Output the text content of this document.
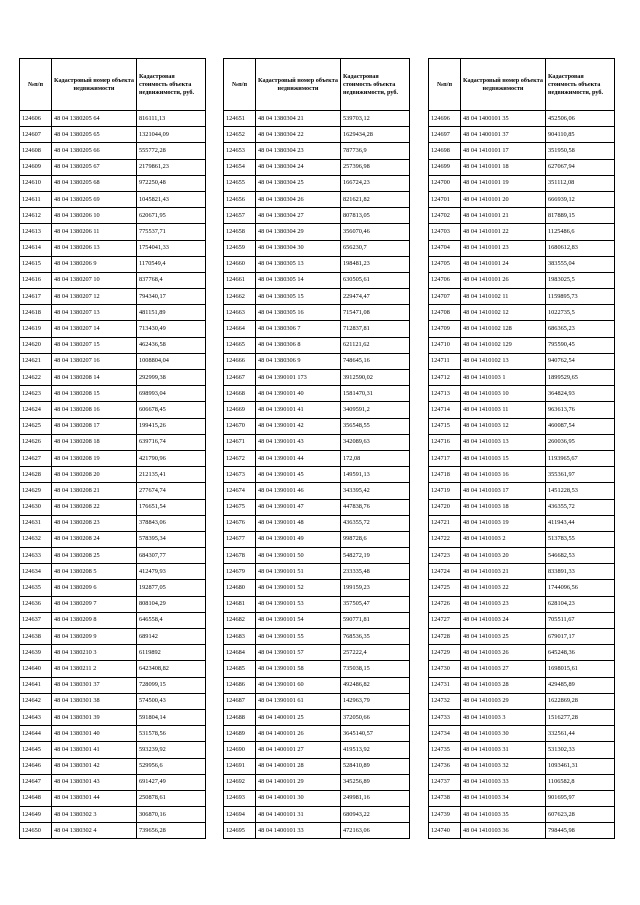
№п/п	Кадастровый номер объекта недвижимости	Кадастровая стоимость объекта недвижимости, руб.
124606	48 04 1380205 64	816111,13
124607	48 04 1380205 65	1321044,09
124608	48 04 1380205 66	555772,28
124609	48 04 1380205 67	2179861,23
124610	48 04 1380205 68	972250,48
124611	48 04 1380205 69	1045821,43
124612	48 04 1380206 10	620671,95
124613	48 04 1380206 11	775537,71
124614	48 04 1380206 13	1754041,33
124615	48 04 1380206 9	1170549,4
124616	48 04 1380207 10	837768,4
124617	48 04 1380207 12	794340,17
124618	48 04 1380207 13	481151,89
124619	48 04 1380207 14	713430,49
124620	48 04 1380207 15	462436,58
124621	48 04 1380207 16	1008804,04
124622	48 04 1380208 14	292999,38
124623	48 04 1380208 15	698993,04
124624	48 04 1380208 16	606678,45
124625	48 04 1380208 17	199415,26
124626	48 04 1380208 18	639716,74
124627	48 04 1380208 19	421790,96
124628	48 04 1380208 20	212135,41
124629	48 04 1380208 21	277674,74
124630	48 04 1380208 22	176651,54
124631	48 04 1380208 23	378843,06
124632	48 04 1380208 24	578395,34
124633	48 04 1380208 25	684307,77
124634	48 04 1380208 5	412479,93
124635	48 04 1380209 6	192877,05
124636	48 04 1380209 7	808104,29
124637	48 04 1380209 8	646558,4
124638	48 04 1380209 9	689142
124639	48 04 1380210 3	6119892
124640	48 04 1380211 2	6423408,82
124641	48 04 1380301 37	728099,15
124642	48 04 1380301 38	574500,43
124643	48 04 1380301 39	591804,14
124644	48 04 1380301 40	531578,56
124645	48 04 1380301 41	593239,92
124646	48 04 1380301 42	529956,6
124647	48 04 1380301 43	691427,49
124648	48 04 1380301 44	250878,61
124649	48 04 1380302 3	306870,16
124650	48 04 1380302 4	739656,28
№п/п	Кадастровый номер объекта недвижимости	Кадастровая стоимость объекта недвижимости, руб.
124651	48 04 1380304 21	539703,12
124652	48 04 1380304 22	1629434,28
124653	48 04 1380304 23	787736,9
124654	48 04 1380304 24	257396,98
124655	48 04 1380304 25	166724,23
124656	48 04 1380304 26	821621,82
124657	48 04 1380304 27	807813,05
124658	48 04 1380304 29	356070,46
124659	48 04 1380304 30	656230,7
124660	48 04 1380305 13	198481,23
124661	48 04 1380305 14	630505,61
124662	48 04 1380305 15	229474,47
124663	48 04 1380305 16	715471,08
124664	48 04 1380306 7	712837,81
124665	48 04 1380306 8	621121,62
124666	48 04 1380306 9	748645,16
124667	48 04 1390101 173	3912590,02
124668	48 04 1390101 40	1581470,31
124669	48 04 1390101 41	3409591,2
124670	48 04 1390101 42	356548,55
124671	48 04 1390101 43	342089,63
124672	48 04 1390101 44	172,08
124673	48 04 1390101 45	149591,13
124674	48 04 1390101 46	343395,42
124675	48 04 1390101 47	447838,76
124676	48 04 1390101 48	436355,72
124677	48 04 1390101 49	998728,6
124678	48 04 1390101 50	548272,19
124679	48 04 1390101 51	233335,48
124680	48 04 1390101 52	199159,23
124681	48 04 1390101 53	357505,47
124682	48 04 1390101 54	590771,81
124683	48 04 1390101 55	768536,35
124684	48 04 1390101 57	257222,4
124685	48 04 1390101 58	735038,15
124686	48 04 1390101 60	492486,82
124687	48 04 1390101 61	142963,79
124688	48 04 1400101 25	372050,66
124689	48 04 1400101 26	3645140,57
124690	48 04 1400101 27	419513,92
124691	48 04 1400101 28	528410,89
124692	48 04 1400101 29	345256,89
124693	48 04 1400101 30	249981,16
124694	48 04 1400101 31	680943,22
124695	48 04 1400101 33	472163,06
№п/п	Кадастровый номер объекта недвижимости	Кадастровая стоимость объекта недвижимости, руб.
124696	48 04 1400101 35	452506,06
124697	48 04 1400101 37	904110,85
124698	48 04 1410101 17	351950,58
124699	48 04 1410101 18	627067,94
124700	48 04 1410101 19	351112,08
124701	48 04 1410101 20	666939,12
124702	48 04 1410101 21	817889,15
124703	48 04 1410101 22	1125486,6
124704	48 04 1410101 23	1680612,83
124705	48 04 1410101 24	383555,04
124706	48 04 1410101 26	1983025,5
124707	48 04 1410102 11	1159895,73
124708	48 04 1410102 12	1022735,5
124709	48 04 1410102 128	686365,23
124710	48 04 1410102 129	795590,45
124711	48 04 1410102 13	940762,54
124712	48 04 1410103 1	1899529,65
124713	48 04 1410103 10	364824,93
124714	48 04 1410103 11	963613,76
124715	48 04 1410103 12	460087,54
124716	48 04 1410103 13	260036,95
124717	48 04 1410103 15	1193965,67
124718	48 04 1410103 16	355361,97
124719	48 04 1410103 17	1451228,53
124720	48 04 1410103 18	436355,72
124721	48 04 1410103 19	411943,44
124722	48 04 1410103 2	513783,55
124723	48 04 1410103 20	546682,53
124724	48 04 1410103 21	833891,33
124725	48 04 1410103 22	1744096,56
124726	48 04 1410103 23	628104,23
124727	48 04 1410103 24	705511,67
124728	48 04 1410103 25	679017,17
124729	48 04 1410103 26	645248,36
124730	48 04 1410103 27	1698015,61
124731	48 04 1410103 28	429485,89
124732	48 04 1410103 29	1622869,28
124733	48 04 1410103 3	1516277,28
124734	48 04 1410103 30	332561,44
124735	48 04 1410103 31	531302,33
124736	48 04 1410103 32	1093461,31
124737	48 04 1410103 33	1106582,8
124738	48 04 1410103 34	901695,97
124739	48 04 1410103 35	607623,28
124740	48 04 1410103 36	798445,98
